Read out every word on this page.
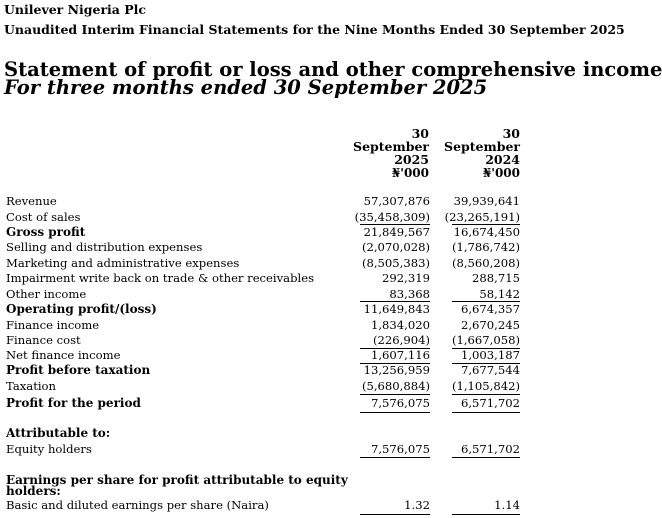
Unilever Nigeria Plc
Unaudited Interim Financial Statements for the Nine Months Ended 30 September 2025
Statement of profit or loss and other comprehensive income
For three months ended 30 September 2025
30
September
2025
30
September
2024
₦'000	₦'000
Revenue	57,307,876 39,939,641
Cost of sales	(35,458,309) (23,265,191)
Gross profit	21,849,567 16,674,450
Selling and distribution expenses	(2,070,028) (1,786,742)
Marketing and administrative expenses	(8,505,383) (8,560,208)
Impairment write back on trade & other receivables	292,319	288,715
Other income	83,368	58,142
Operating profit/(loss)	11,649,843	6,674,357
Finance income	1,834,020	2,670,245
Finance cost	(226,904) (1,667,058)
Net finance income	1,607,116	1,003,187
Profit before taxation	13,256,959	7,677,544
Taxation	(5,680,884) (1,105,842)
Profit for the period	7,576,075	6,571,702
Attributable to:
Equity holders	7,576,075	6,571,702
Earnings per share for profit attributable to equity
holders:
Basic and diluted earnings per share (Naira)	1.32	1.14
